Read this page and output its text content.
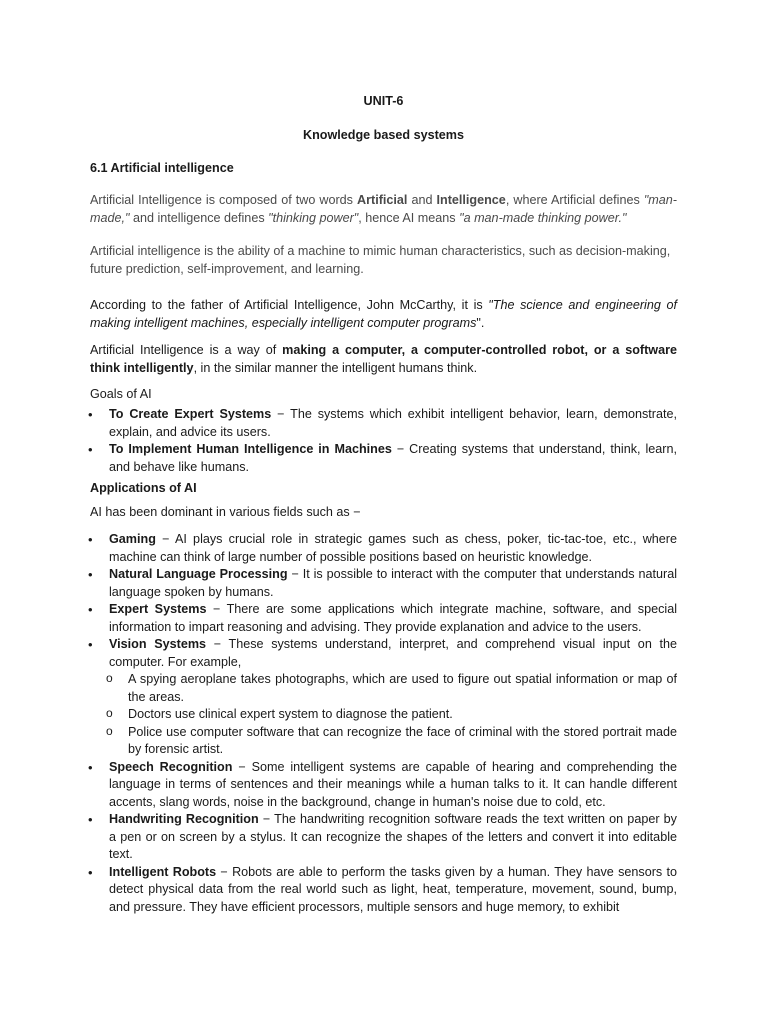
UNIT-6
Knowledge based systems
6.1 Artificial intelligence
Artificial Intelligence is composed of two words Artificial and Intelligence, where Artificial defines "man-made," and intelligence defines "thinking power", hence AI means "a man-made thinking power."
Artificial intelligence is the ability of a machine to mimic human characteristics, such as decision-making, future prediction, self-improvement, and learning.
According to the father of Artificial Intelligence, John McCarthy, it is "The science and engineering of making intelligent machines, especially intelligent computer programs".
Artificial Intelligence is a way of making a computer, a computer-controlled robot, or a software think intelligently, in the similar manner the intelligent humans think.
Goals of AI
• To Create Expert Systems − The systems which exhibit intelligent behavior, learn, demonstrate, explain, and advice its users.
• To Implement Human Intelligence in Machines − Creating systems that understand, think, learn, and behave like humans.
Applications of AI
AI has been dominant in various fields such as −
• Gaming − AI plays crucial role in strategic games such as chess, poker, tic-tac-toe, etc., where machine can think of large number of possible positions based on heuristic knowledge.
• Natural Language Processing − It is possible to interact with the computer that understands natural language spoken by humans.
• Expert Systems − There are some applications which integrate machine, software, and special information to impart reasoning and advising. They provide explanation and advice to the users.
• Vision Systems − These systems understand, interpret, and comprehend visual input on the computer. For example,
o A spying aeroplane takes photographs, which are used to figure out spatial information or map of the areas.
o Doctors use clinical expert system to diagnose the patient.
o Police use computer software that can recognize the face of criminal with the stored portrait made by forensic artist.
• Speech Recognition − Some intelligent systems are capable of hearing and comprehending the language in terms of sentences and their meanings while a human talks to it. It can handle different accents, slang words, noise in the background, change in human's noise due to cold, etc.
• Handwriting Recognition − The handwriting recognition software reads the text written on paper by a pen or on screen by a stylus. It can recognize the shapes of the letters and convert it into editable text.
• Intelligent Robots − Robots are able to perform the tasks given by a human. They have sensors to detect physical data from the real world such as light, heat, temperature, movement, sound, bump, and pressure. They have efficient processors, multiple sensors and huge memory, to exhibit
